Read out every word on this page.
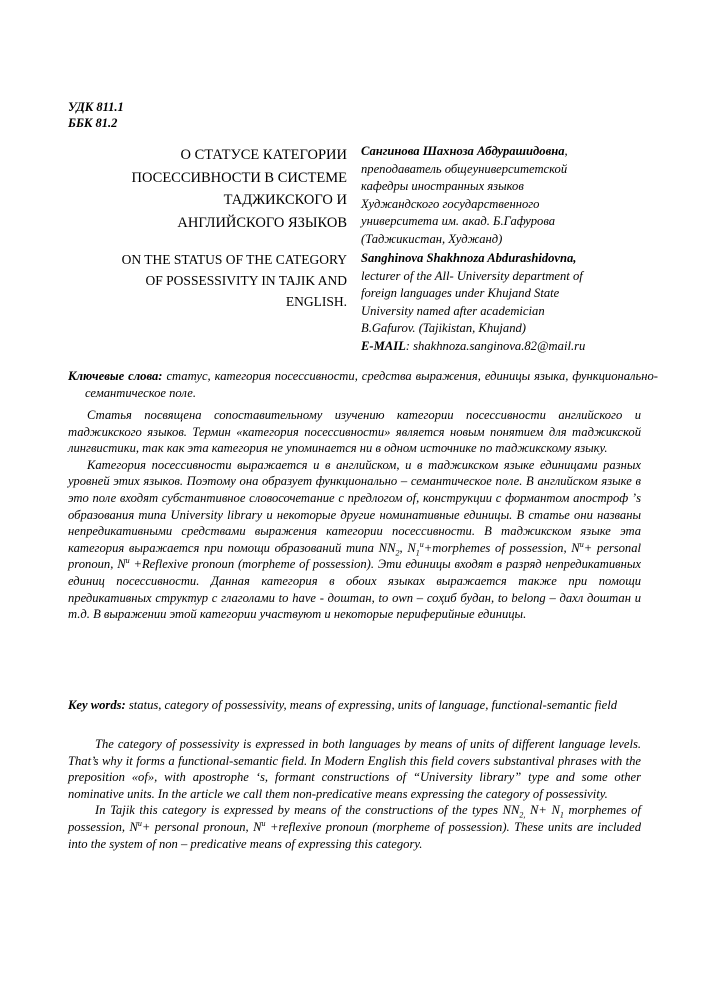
УДК 811.1
ББК 81.2
О СТАТУСЕ КАТЕГОРИИ
ПОСЕССИВНОСТИ В СИСТЕМЕ
ТАДЖИКСКОГО И
АНГЛИЙСКОГО ЯЗЫКОВ
ON THE STATUS OF THE CATEGORY
OF POSSESSIVITY IN TAJIK AND
ENGLISH.
Сангинова Шахноза Абдурашидовна,
преподаватель общеуниверситетской
кафедры иностранных языков
Худжандского государственного
университета им. акад. Б.Гафурова
(Таджикистан, Худжанд)
Sanghinova Shakhnoza Abdurashidovna,
lecturer of the All- University department of
foreign languages under Khujand State
University named after academician
B.Gafurov. (Tajikistan, Khujand)
E-MAIL: shakhnoza.sanginova.82@mail.ru

Ключевые слова: статус, категория посессивности, средства выражения, единицы языка, функционально-семантическое поле.

Статья посвящена сопоставительному изучению категории посессивности английского и таджикского языков. Термин «категория посессивности» является новым понятием для таджикской лингвистики, так как эта категория не упоминается ни в одном источнике по таджикскому языку.

Категория посессивности выражается и в английском, и в таджикском языке единицами разных уровней этих языков. Поэтому она образует функционально – семантическое поле. В английском языке в это поле входят субстантивное словосочетание с предлогом of, конструкции с формантом апостроф ’s образования типа University library и некоторые другие номинативные единицы. В статье они названы непредикативными средствами выражения категории посессивности. В таджикском языке эта категория выражается при помощи образований типа $NN_2$, $N_1^u+morphemes$ of possession, $N^u+$ personal pronoun, $N^u$ +Reflexive pronoun (morpheme of possession). Эти единицы входят в разряд непредикативных единиц посессивности. Данная категория в обоих языках выражается также при помощи предикативных структур с глаголами to have - доштан, to own – соҳиб будан, to belong – дахл доштан и т.д. В выражении этой категории участвуют и некоторые периферийные единицы.

Key words: status, category of possessivity, means of expressing, units of language, functional-semantic field

The category of possessivity is expressed in both languages by means of units of different language levels. That’s why it forms a functional-semantic field. In Modern English this field covers substantival phrases with the preposition «of», with apostrophe ‘s, formant constructions of “University library” type and some other nominative units. In the article we call them non-predicative means expressing the category of possessivity.

In Tajik this category is expressed by means of the constructions of the types $NN_{2,}$ $N+ N_1$ morphemes of possession, $N^u+$ personal pronoun, $N^u$ +reflexive pronoun (morpheme of possession). These units are included into the system of non – predicative means of expressing this category.
